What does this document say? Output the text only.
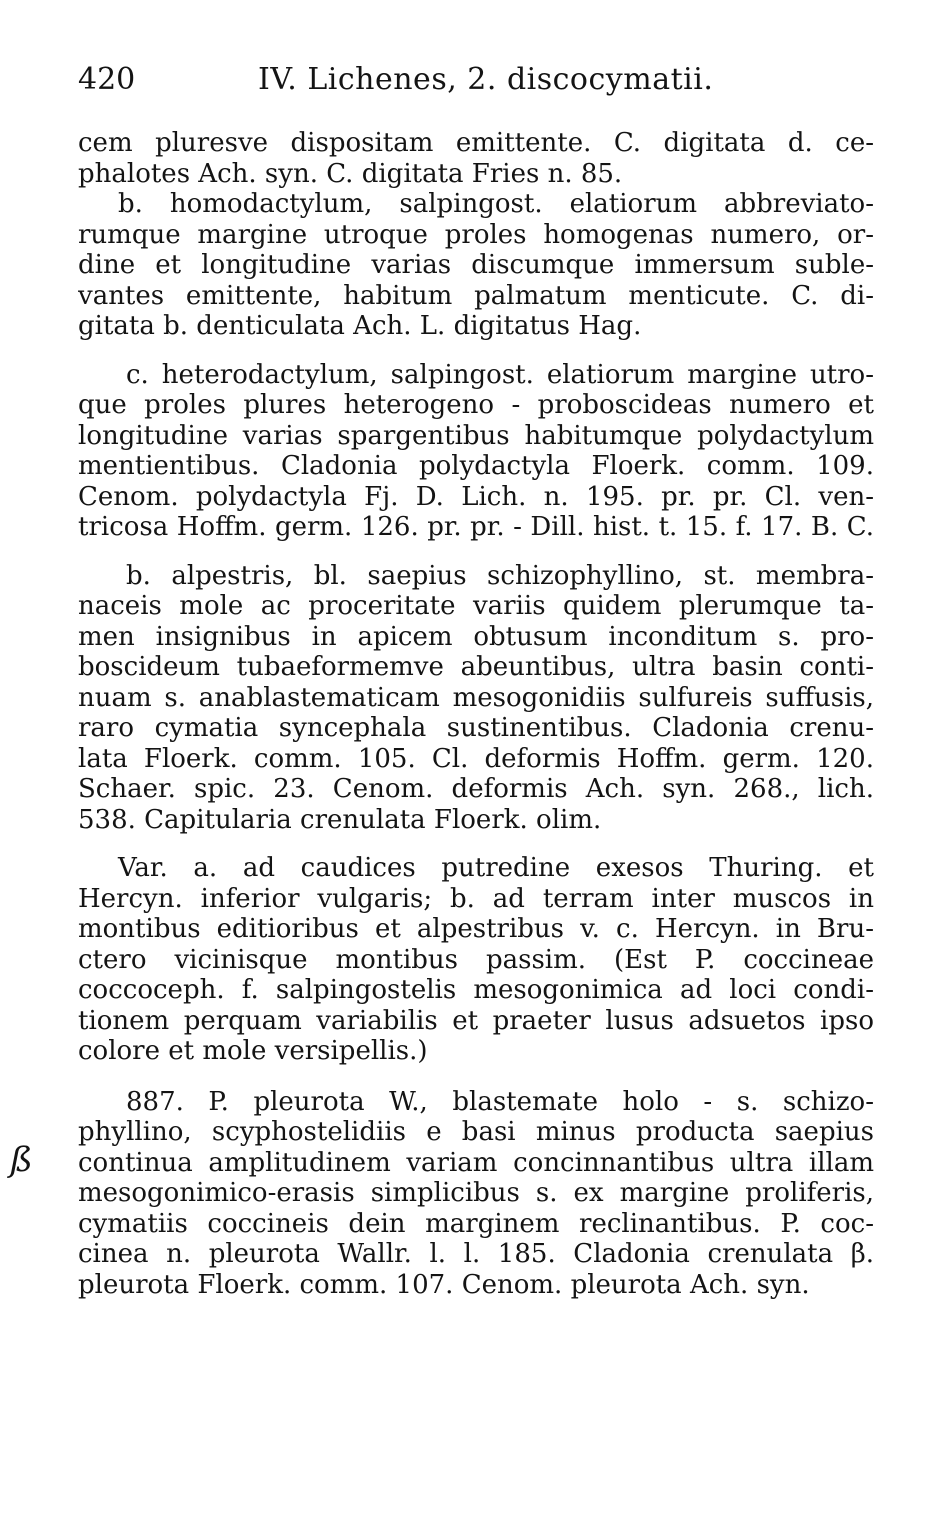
420	IV. Lichenes, 2. discocymatii.
ß
cem pluresve dispositam emittente. C. digitata d. ce-
phalotes Ach. syn. C. digitata Fries n. 85.
b. homodactylum, salpingost. elatiorum abbreviato-
rumque margine utroque proles homogenas numero, or-
dine et longitudine varias discumque immersum suble-
vantes emittente, habitum palmatum menticute. C. di-
gitata b. denticulata Ach. L. digitatus Hag.
c. heterodactylum, salpingost. elatiorum margine utro-
que proles plures heterogeno - proboscideas numero et
longitudine varias spargentibus habitumque polydactylum
mentientibus. Cladonia polydactyla Floerk. comm. 109.
Cenom. polydactyla Fj. D. Lich. n. 195. pr. pr. Cl. ven-
tricosa Hoffm. germ. 126. pr. pr. - Dill. hist. t. 15. f. 17. B. C.
b. alpestris, bl. saepius schizophyllino, st. membra-
naceis mole ac proceritate variis quidem plerumque ta-
men insignibus in apicem obtusum inconditum s. pro-
boscideum tubaeformemve abeuntibus, ultra basin conti-
nuam s. anablastematicam mesogonidiis sulfureis suffusis,
raro cymatia syncephala sustinentibus. Cladonia crenu-
lata Floerk. comm. 105. Cl. deformis Hoffm. germ. 120.
Schaer. spic. 23. Cenom. deformis Ach. syn. 268., lich.
538. Capitularia crenulata Floerk. olim.
Var. a. ad caudices putredine exesos Thuring. et
Hercyn. inferior vulgaris; b. ad terram inter muscos in
montibus editioribus et alpestribus v. c. Hercyn. in Bru-
ctero vicinisque montibus passim. (Est P. coccineae
coccoceph. f. salpingostelis mesogonimica ad loci condi-
tionem perquam variabilis et praeter lusus adsuetos ipso
colore et mole versipellis.)
887. P. pleurota W., blastemate holo - s. schizo-
phyllino, scyphostelidiis e basi minus producta saepius
continua amplitudinem variam concinnantibus ultra illam
mesogonimico-erasis simplicibus s. ex margine proliferis,
cymatiis coccineis dein marginem reclinantibus. P. coc-
cinea n. pleurota Wallr. l. l. 185. Cladonia crenulata β.
pleurota Floerk. comm. 107. Cenom. pleurota Ach. syn.
